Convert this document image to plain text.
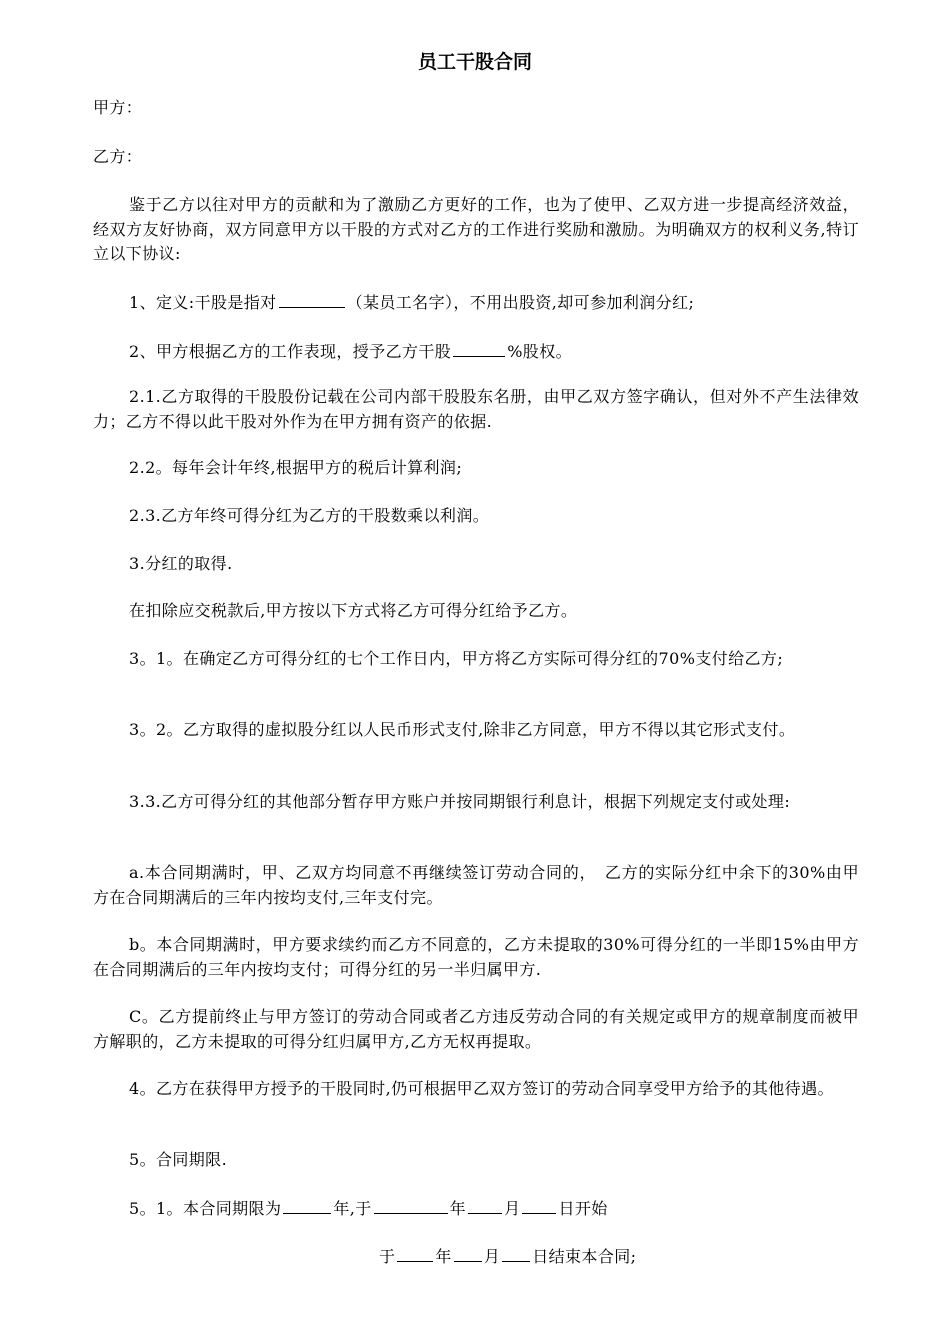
员工干股合同

甲方：

乙方：

鉴于乙方以往对甲方的贡献和为了激励乙方更好的工作，也为了使甲、乙双方进一步提高经济效益，经双方友好协商，双方同意甲方以干股的方式对乙方的工作进行奖励和激励。为明确双方的权利义务,特订立以下协议:

1、定义:干股是指对	（某员工名字），不用出股资,却可参加利润分红;

2、甲方根据乙方的工作表现，授予乙方干股	%股权。

2.1.乙方取得的干股股份记载在公司内部干股股东名册，由甲乙双方签字确认，但对外不产生法律效力；乙方不得以此干股对外作为在甲方拥有资产的依据.

2.2。每年会计年终,根据甲方的税后计算利润;

2.3.乙方年终可得分红为乙方的干股数乘以利润。

3.分红的取得.

在扣除应交税款后,甲方按以下方式将乙方可得分红给予乙方。

3。1。在确定乙方可得分红的七个工作日内，甲方将乙方实际可得分红的70%支付给乙方;

3。2。乙方取得的虚拟股分红以人民币形式支付,除非乙方同意，甲方不得以其它形式支付。

3.3.乙方可得分红的其他部分暂存甲方账户并按同期银行利息计，根据下列规定支付或处理:

a.本合同期满时，甲、乙双方均同意不再继续签订劳动合同的，　乙方的实际分红中余下的30%由甲方在合同期满后的三年内按均支付,三年支付完。

b。本合同期满时，甲方要求续约而乙方不同意的，乙方未提取的30%可得分红的一半即15%由甲方在合同期满后的三年内按均支付；可得分红的另一半归属甲方.

C。乙方提前终止与甲方签订的劳动合同或者乙方违反劳动合同的有关规定或甲方的规章制度而被甲方解职的，乙方未提取的可得分红归属甲方,乙方无权再提取。

4。乙方在获得甲方授予的干股同时,仍可根据甲乙双方签订的劳动合同享受甲方给予的其他待遇。

5。合同期限.

5。1。本合同期限为	年,于	年 月 日开始

于	年 月 日结束本合同;
